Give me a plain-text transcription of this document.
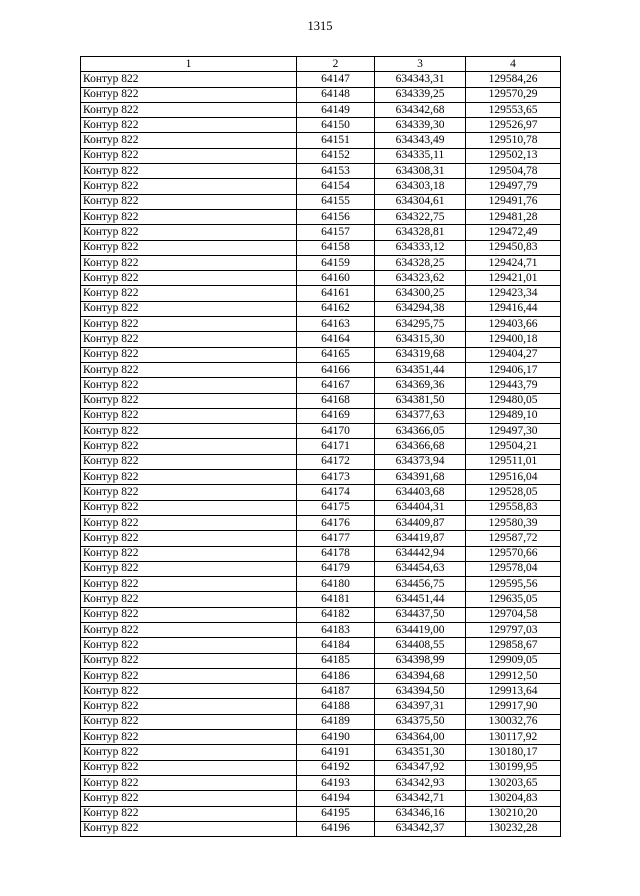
1315
1	2	3	4
Контур 822	64147	634343,31	129584,26
Контур 822	64148	634339,25	129570,29
Контур 822	64149	634342,68	129553,65
Контур 822	64150	634339,30	129526,97
Контур 822	64151	634343,49	129510,78
Контур 822	64152	634335,11	129502,13
Контур 822	64153	634308,31	129504,78
Контур 822	64154	634303,18	129497,79
Контур 822	64155	634304,61	129491,76
Контур 822	64156	634322,75	129481,28
Контур 822	64157	634328,81	129472,49
Контур 822	64158	634333,12	129450,83
Контур 822	64159	634328,25	129424,71
Контур 822	64160	634323,62	129421,01
Контур 822	64161	634300,25	129423,34
Контур 822	64162	634294,38	129416,44
Контур 822	64163	634295,75	129403,66
Контур 822	64164	634315,30	129400,18
Контур 822	64165	634319,68	129404,27
Контур 822	64166	634351,44	129406,17
Контур 822	64167	634369,36	129443,79
Контур 822	64168	634381,50	129480,05
Контур 822	64169	634377,63	129489,10
Контур 822	64170	634366,05	129497,30
Контур 822	64171	634366,68	129504,21
Контур 822	64172	634373,94	129511,01
Контур 822	64173	634391,68	129516,04
Контур 822	64174	634403,68	129528,05
Контур 822	64175	634404,31	129558,83
Контур 822	64176	634409,87	129580,39
Контур 822	64177	634419,87	129587,72
Контур 822	64178	634442,94	129570,66
Контур 822	64179	634454,63	129578,04
Контур 822	64180	634456,75	129595,56
Контур 822	64181	634451,44	129635,05
Контур 822	64182	634437,50	129704,58
Контур 822	64183	634419,00	129797,03
Контур 822	64184	634408,55	129858,67
Контур 822	64185	634398,99	129909,05
Контур 822	64186	634394,68	129912,50
Контур 822	64187	634394,50	129913,64
Контур 822	64188	634397,31	129917,90
Контур 822	64189	634375,50	130032,76
Контур 822	64190	634364,00	130117,92
Контур 822	64191	634351,30	130180,17
Контур 822	64192	634347,92	130199,95
Контур 822	64193	634342,93	130203,65
Контур 822	64194	634342,71	130204,83
Контур 822	64195	634346,16	130210,20
Контур 822	64196	634342,37	130232,28
